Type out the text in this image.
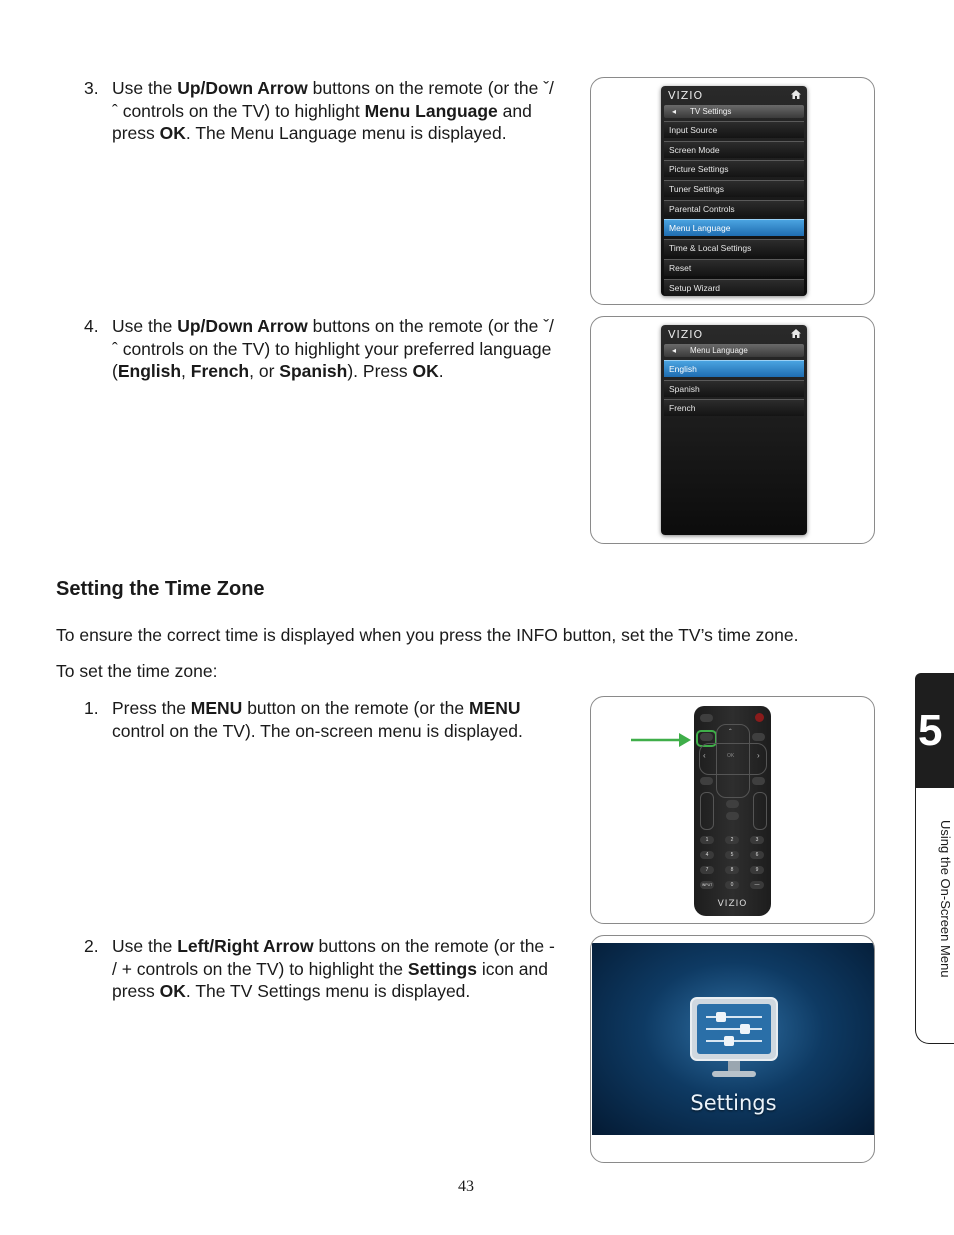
3. Use the Up/Down Arrow buttons on the remote (or the ˇ/ ˆ controls on the TV) to highlight Menu Language and press OK. The Menu Language menu is displayed.
VIZIO
◂ TV Settings
Input Source
Screen Mode
Picture Settings
Tuner Settings
Parental Controls
Menu Language
Time & Local Settings
Reset
Setup Wizard
4. Use the Up/Down Arrow buttons on the remote (or the ˇ/ ˆ controls on the TV) to highlight your preferred language (English, French, or Spanish). Press OK.
VIZIO
◂ Menu Language
English
Spanish
French
Setting the Time Zone
To ensure the correct time is displayed when you press the INFO button, set the TV’s time zone.
To set the time zone:
1. Press the MENU button on the remote (or the MENU control on the TV). The on-screen menu is displayed.
OK
ˆ
‹	›
1	2	3
4	5	6
7	8	9
INPUT	0	—
VIZIO
2. Use the Left/Right Arrow buttons on the remote (or the - / + controls on the TV) to highlight the Settings icon and press OK. The TV Settings menu is displayed.
Settings
5
Using the On-Screen Menu
43
